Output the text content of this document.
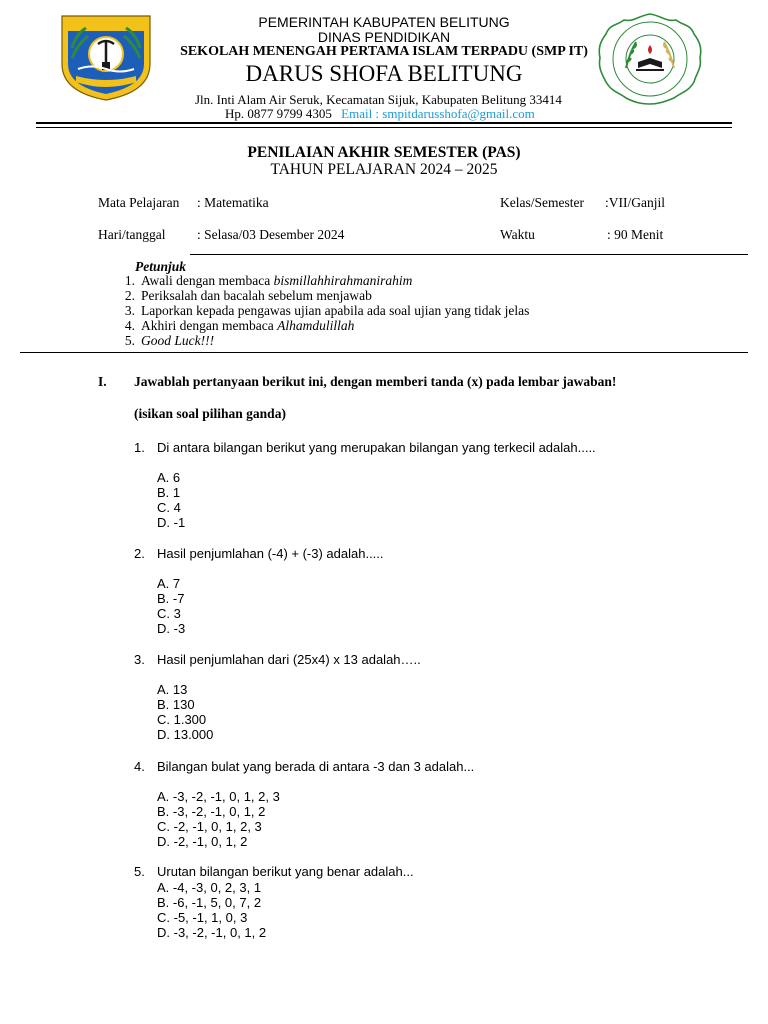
PEMERINTAH KABUPATEN BELITUNG
DINAS PENDIDIKAN
SEKOLAH MENENGAH PERTAMA ISLAM TERPADU (SMP IT)
DARUS SHOFA BELITUNG
Jln. Inti Alam Air Seruk, Kecamatan Sijuk, Kabupaten Belitung 33414
Hp. 0877 9799 4305 Email : smpitdarusshofa@gmail.com
PENILAIAN AKHIR SEMESTER (PAS)
TAHUN PELAJARAN 2024 – 2025
Mata Pelajaran : Matematika	Kelas/Semester :VII/Ganjil
Hari/tanggal : Selasa/03 Desember 2024	Waktu	: 90 Menit
Petunjuk
1. Awali dengan membaca bismillahhirahmanirahim
2. Periksalah dan bacalah sebelum menjawab
3. Laporkan kepada pengawas ujian apabila ada soal ujian yang tidak jelas
4. Akhiri dengan membaca Alhamdulillah
5. Good Luck!!!
I. Jawablah pertanyaan berikut ini, dengan memberi tanda (x) pada lembar jawaban!
(isikan soal pilihan ganda)
1. Di antara bilangan berikut yang merupakan bilangan yang terkecil adalah.....
A. 6
B. 1
C. 4
D. -1
2. Hasil penjumlahan (-4) + (-3) adalah.....
A. 7
B. -7
C. 3
D. -3
3. Hasil penjumlahan dari (25x4) x 13 adalah…..
A. 13
B. 130
C. 1.300
D. 13.000
4. Bilangan bulat yang berada di antara -3 dan 3 adalah...
A. -3, -2, -1, 0, 1, 2, 3
B. -3, -2, -1, 0, 1, 2
C. -2, -1, 0, 1, 2, 3
D. -2, -1, 0, 1, 2
5. Urutan bilangan berikut yang benar adalah...
A. -4, -3, 0, 2, 3, 1
B. -6, -1, 5, 0, 7, 2
C. -5, -1, 1, 0, 3
D. -3, -2, -1, 0, 1, 2
